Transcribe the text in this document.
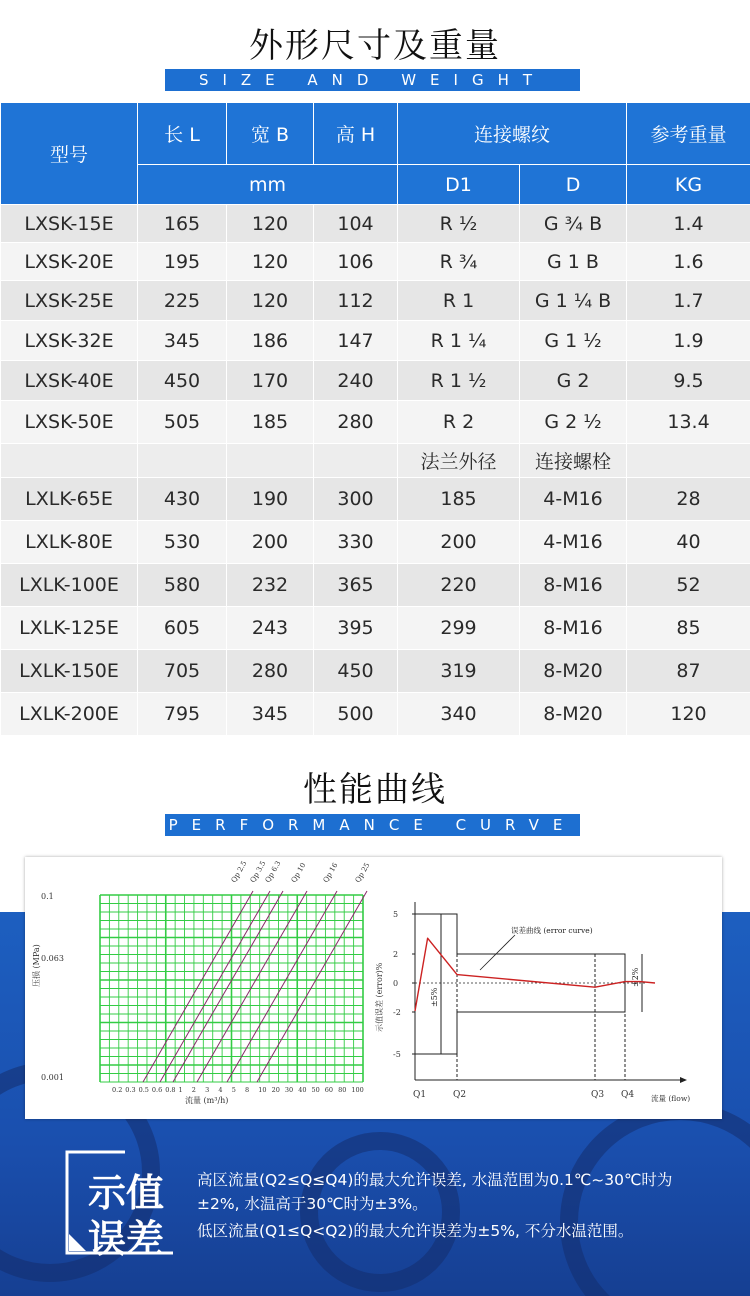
外形尺寸及重量
SIZE AND WEIGHT
型号	长 L	宽 B	高 H	连接螺纹		参考重量
	mm			D1	D	KG
LXSK-15E	165	120	104	R ½	G ¾ B	1.4
LXSK-20E	195	120	106	R ¾	G 1 B	1.6
LXSK-25E	225	120	112	R 1	G 1 ¼ B	1.7
LXSK-32E	345	186	147	R 1 ¼	G 1 ½	1.9
LXSK-40E	450	170	240	R 1 ½	G 2	9.5
LXSK-50E	505	185	280	R 2	G 2 ½	13.4
				法兰外径	连接螺栓	
LXLK-65E	430	190	300	185	4-M16	28
LXLK-80E	530	200	330	200	4-M16	40
LXLK-100E	580	232	365	220	8-M16	52
LXLK-125E	605	243	395	299	8-M16	85
LXLK-150E	705	280	450	319	8-M20	87
LXLK-200E	795	345	500	340	8-M20	120
性能曲线
PERFORMANCE CURVE
0.1
0.063
0.001
压损 (MPa)
0.2 0.3 0.5 0.6 0.8 1 2 3 4 5 8 10 20 30 40 50 60 80 100
流量 (m³/h)
Qp 2.5 Qp 3.5
Qp 6.3 Qp 10 Qp 16 Qp 25
5
2
0
-2
-5
示值误差 (error)%
Q1	Q2	Q3 Q4 流量 (flow)
±5%
±2%
误差曲线 (error curve)
示值
误差
高区流量(Q2≤Q≤Q4)的最大允许误差, 水温范围为0.1℃~30℃时为
±2%, 水温高于30℃时为±3%。
低区流量(Q1≤Q<Q2)的最大允许误差为±5%, 不分水温范围。
